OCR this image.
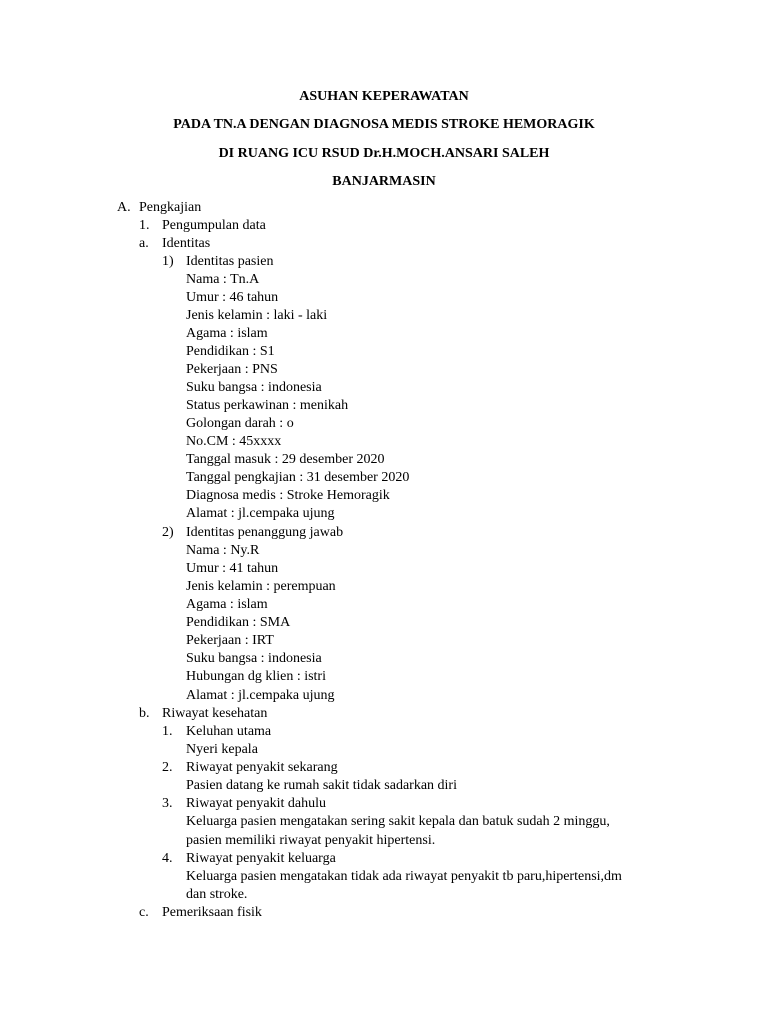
ASUHAN KEPERAWATAN
PADA TN.A DENGAN DIAGNOSA MEDIS STROKE HEMORAGIK
DI RUANG ICU RSUD Dr.H.MOCH.ANSARI SALEH
BANJARMASIN
A. Pengkajian
1. Pengumpulan data
a. Identitas
1) Identitas pasien
Nama : Tn.A
Umur : 46 tahun
Jenis kelamin : laki - laki
Agama : islam
Pendidikan : S1
Pekerjaan : PNS
Suku bangsa : indonesia
Status perkawinan : menikah
Golongan darah : o
No.CM : 45xxxx
Tanggal masuk : 29 desember 2020
Tanggal pengkajian : 31 desember 2020
Diagnosa medis : Stroke Hemoragik
Alamat : jl.cempaka ujung
2) Identitas penanggung jawab
Nama : Ny.R
Umur : 41 tahun
Jenis kelamin : perempuan
Agama : islam
Pendidikan : SMA
Pekerjaan : IRT
Suku bangsa : indonesia
Hubungan dg klien : istri
Alamat : jl.cempaka ujung
b. Riwayat kesehatan
1. Keluhan utama
Nyeri kepala
2. Riwayat penyakit sekarang
Pasien datang ke rumah sakit tidak sadarkan diri
3. Riwayat penyakit dahulu
Keluarga pasien mengatakan sering sakit kepala dan batuk sudah 2 minggu,
pasien memiliki riwayat penyakit hipertensi.
4. Riwayat penyakit keluarga
Keluarga pasien mengatakan tidak ada riwayat penyakit tb paru,hipertensi,dm
dan stroke.
c. Pemeriksaan fisik
